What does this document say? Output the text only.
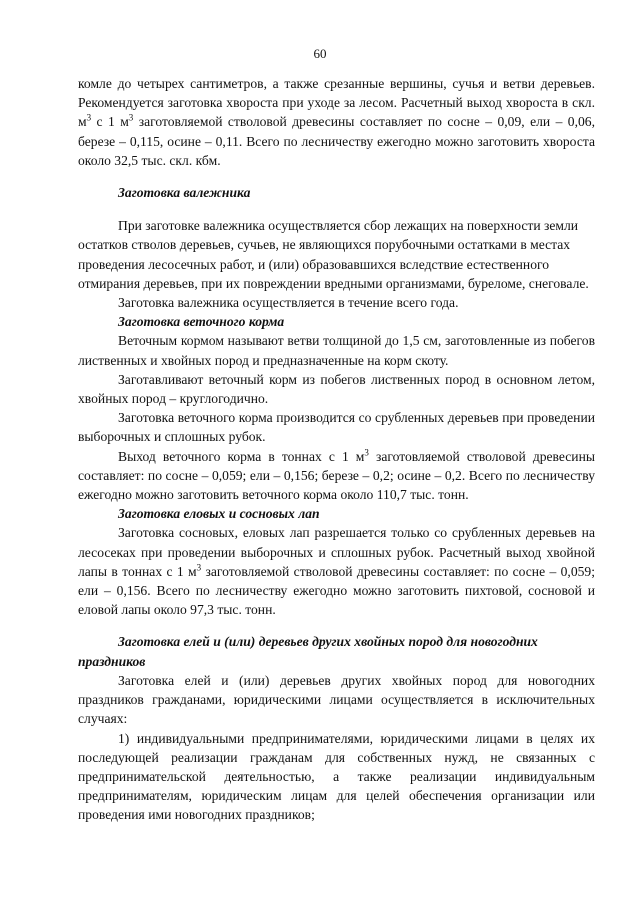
60

комле до четырех сантиметров, а также срезанные вершины, сучья и ветви деревьев. Рекомендуется заготовка хвороста при уходе за лесом. Расчетный выход хвороста в скл. $м^3$ с 1 $м^3$ заготовляемой стволовой древесины составляет по сосне – 0,09, ели – 0,06, березе – 0,115, осине – 0,11. Всего по лесничеству ежегодно можно заготовить хвороста около 32,5 тыс. скл. кбм.

Заготовка валежника

При заготовке валежника осуществляется сбор лежащих на поверхности земли остатков стволов деревьев, сучьев, не являющихся порубочными остатками в местах проведения лесосечных работ, и (или) образовавшихся вследствие естественного отмирания деревьев, при их повреждении вредными организмами, буреломе, снеговале.

Заготовка валежника осуществляется в течение всего года.

Заготовка веточного корма

Веточным кормом называют ветви толщиной до 1,5 см, заготовленные из побегов лиственных и хвойных пород и предназначенные на корм скоту.

Заготавливают веточный корм из побегов лиственных пород в основном летом, хвойных пород – круглогодично.

Заготовка веточного корма производится со срубленных деревьев при проведении выборочных и сплошных рубок.

Выход веточного корма в тоннах с 1 $м^3$ заготовляемой стволовой древесины составляет: по сосне – 0,059; ели – 0,156; березе – 0,2; осине – 0,2. Всего по лесничеству ежегодно можно заготовить веточного корма около 110,7 тыс. тонн.

Заготовка еловых и сосновых лап

Заготовка сосновых, еловых лап разрешается только со срубленных деревьев на лесосеках при проведении выборочных и сплошных рубок. Расчетный выход хвойной лапы в тоннах с 1 $м^3$ заготовляемой стволовой древесины составляет: по сосне – 0,059; ели – 0,156. Всего по лесничеству ежегодно можно заготовить пихтовой, сосновой и еловой лапы около 97,3 тыс. тонн.

Заготовка елей и (или) деревьев других хвойных пород для новогодних праздников

Заготовка елей и (или) деревьев других хвойных пород для новогодних праздников гражданами, юридическими лицами осуществляется в исключительных случаях:

1) индивидуальными предпринимателями, юридическими лицами в целях их последующей реализации гражданам для собственных нужд, не связанных с предпринимательской деятельностью, а также реализации индивидуальным предпринимателям, юридическим лицам для целей обеспечения организации или проведения ими новогодних праздников;
